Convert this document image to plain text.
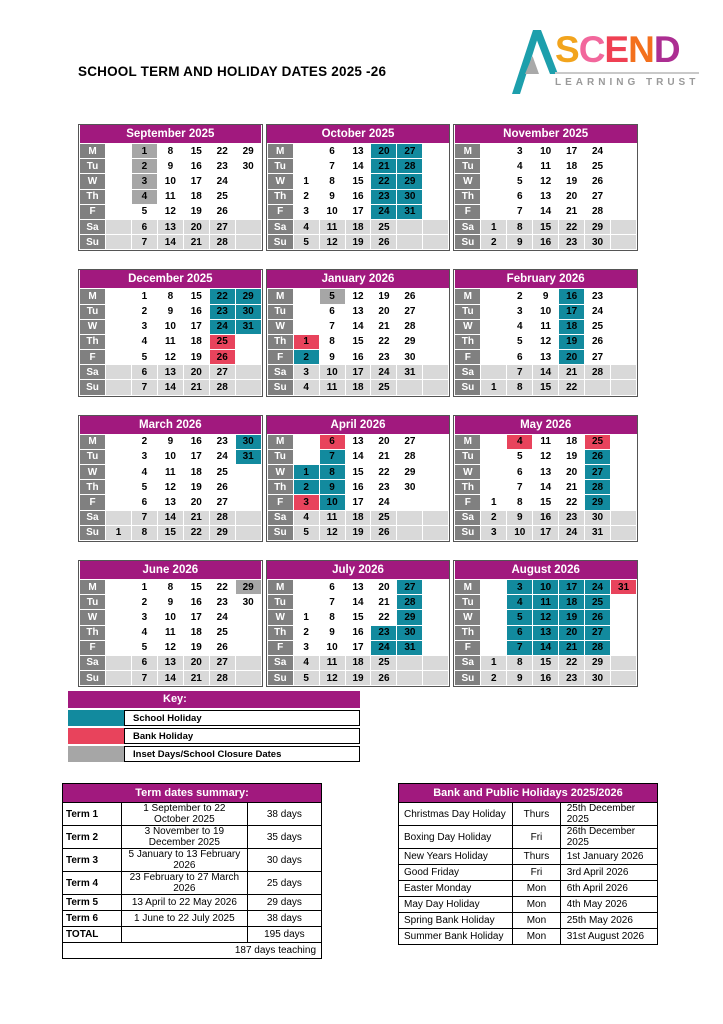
SCHOOL TERM AND HOLIDAY DATES 2025 -26
SCEND
LEARNING TRUST
September 2025						
M		1	8	15	22	29
Tu		2	9	16	23	30
W		3	10	17	24	
Th		4	11	18	25	
F		5	12	19	26	
Sa		6	13	20	27	
Su		7	14	21	28	
October 2025						
M		6	13	20	27	
Tu		7	14	21	28	
W	1	8	15	22	29	
Th	2	9	16	23	30	
F	3	10	17	24	31	
Sa	4	11	18	25		
Su	5	12	19	26		
November 2025						
M		3	10	17	24	
Tu		4	11	18	25	
W		5	12	19	26	
Th		6	13	20	27	
F		7	14	21	28	
Sa	1	8	15	22	29	
Su	2	9	16	23	30	
December 2025						
M		1	8	15	22	29
Tu		2	9	16	23	30
W		3	10	17	24	31
Th		4	11	18	25	
F		5	12	19	26	
Sa		6	13	20	27	
Su		7	14	21	28	
January 2026						
M		5	12	19	26	
Tu		6	13	20	27	
W		7	14	21	28	
Th	1	8	15	22	29	
F	2	9	16	23	30	
Sa	3	10	17	24	31	
Su	4	11	18	25		
February 2026						
M		2	9	16	23	
Tu		3	10	17	24	
W		4	11	18	25	
Th		5	12	19	26	
F		6	13	20	27	
Sa		7	14	21	28	
Su	1	8	15	22		
March 2026						
M		2	9	16	23	30
Tu		3	10	17	24	31
W		4	11	18	25	
Th		5	12	19	26	
F		6	13	20	27	
Sa		7	14	21	28	
Su	1	8	15	22	29	
April 2026						
M		6	13	20	27	
Tu		7	14	21	28	
W	1	8	15	22	29	
Th	2	9	16	23	30	
F	3	10	17	24		
Sa	4	11	18	25		
Su	5	12	19	26		
May 2026						
M		4	11	18	25	
Tu		5	12	19	26	
W		6	13	20	27	
Th		7	14	21	28	
F	1	8	15	22	29	
Sa	2	9	16	23	30	
Su	3	10	17	24	31	
June 2026						
M		1	8	15	22	29
Tu		2	9	16	23	30
W		3	10	17	24	
Th		4	11	18	25	
F		5	12	19	26	
Sa		6	13	20	27	
Su		7	14	21	28	
July 2026						
M		6	13	20	27	
Tu		7	14	21	28	
W	1	8	15	22	29	
Th	2	9	16	23	30	
F	3	10	17	24	31	
Sa	4	11	18	25		
Su	5	12	19	26		
August 2026						
M		3	10	17	24	31
Tu		4	11	18	25	
W		5	12	19	26	
Th		6	13	20	27	
F		7	14	21	28	
Sa	1	8	15	22	29	
Su	2	9	16	23	30	
Key:
School Holiday
Bank Holiday
Inset Days/School Closure Dates
Term dates summary:		
Term 1	1 September to 22 October 2025	38 days
Term 2	3 November to 19 December 2025	35 days
Term 3	5 January to 13 February 2026	30 days
Term 4	23 February to 27 March 2026	25 days
Term 5	13 April to 22 May 2026	29 days
Term 6	1 June to 22 July 2025	38 days
TOTAL		195 days
187 days teaching		
Bank and Public Holidays 2025/2026		
Christmas Day Holiday	Thurs	25th December 2025
Boxing Day Holiday	Fri	26th December 2025
New Years Holiday	Thurs	1st January 2026
Good Friday	Fri	3rd April 2026
Easter Monday	Mon	6th April 2026
May Day Holiday	Mon	4th May 2026
Spring Bank Holiday	Mon	25th May 2026
Summer Bank Holiday	Mon	31st August 2026
